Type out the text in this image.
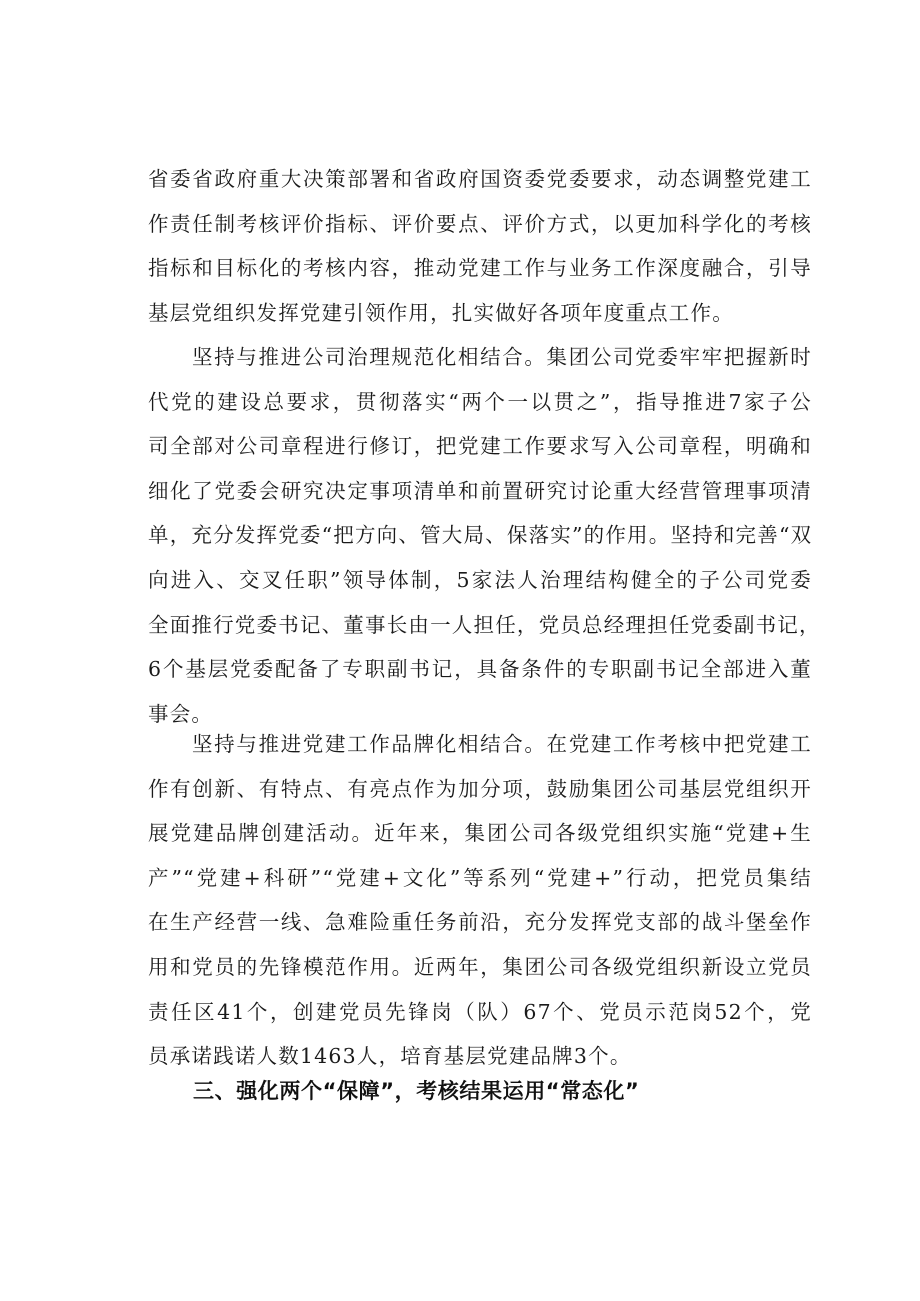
省委省政府重大决策部署和省政府国资委党委要求，动态调整党建工
作责任制考核评价指标、评价要点、评价方式，以更加科学化的考核
指标和目标化的考核内容，推动党建工作与业务工作深度融合，引导
基层党组织发挥党建引领作用，扎实做好各项年度重点工作。
坚持与推进公司治理规范化相结合。集团公司党委牢牢把握新时
代党的建设总要求，贯彻落实“两个一以贯之”，指导推进7家子公
司全部对公司章程进行修订，把党建工作要求写入公司章程，明确和
细化了党委会研究决定事项清单和前置研究讨论重大经营管理事项清
单，充分发挥党委“把方向、管大局、保落实”的作用。坚持和完善“双
向进入、交叉任职”领导体制，5家法人治理结构健全的子公司党委
全面推行党委书记、董事长由一人担任，党员总经理担任党委副书记，
6个基层党委配备了专职副书记，具备条件的专职副书记全部进入董
事会。
坚持与推进党建工作品牌化相结合。在党建工作考核中把党建工
作有创新、有特点、有亮点作为加分项，鼓励集团公司基层党组织开
展党建品牌创建活动。近年来，集团公司各级党组织实施“党建+生
产”“党建+科研”“党建+文化”等系列“党建+”行动，把党员集结
在生产经营一线、急难险重任务前沿，充分发挥党支部的战斗堡垒作
用和党员的先锋模范作用。近两年，集团公司各级党组织新设立党员
责任区41个，创建党员先锋岗（队）67个、党员示范岗52个，党
员承诺践诺人数1463人，培育基层党建品牌3个。
三、强化两个“保障”，考核结果运用“常态化”
